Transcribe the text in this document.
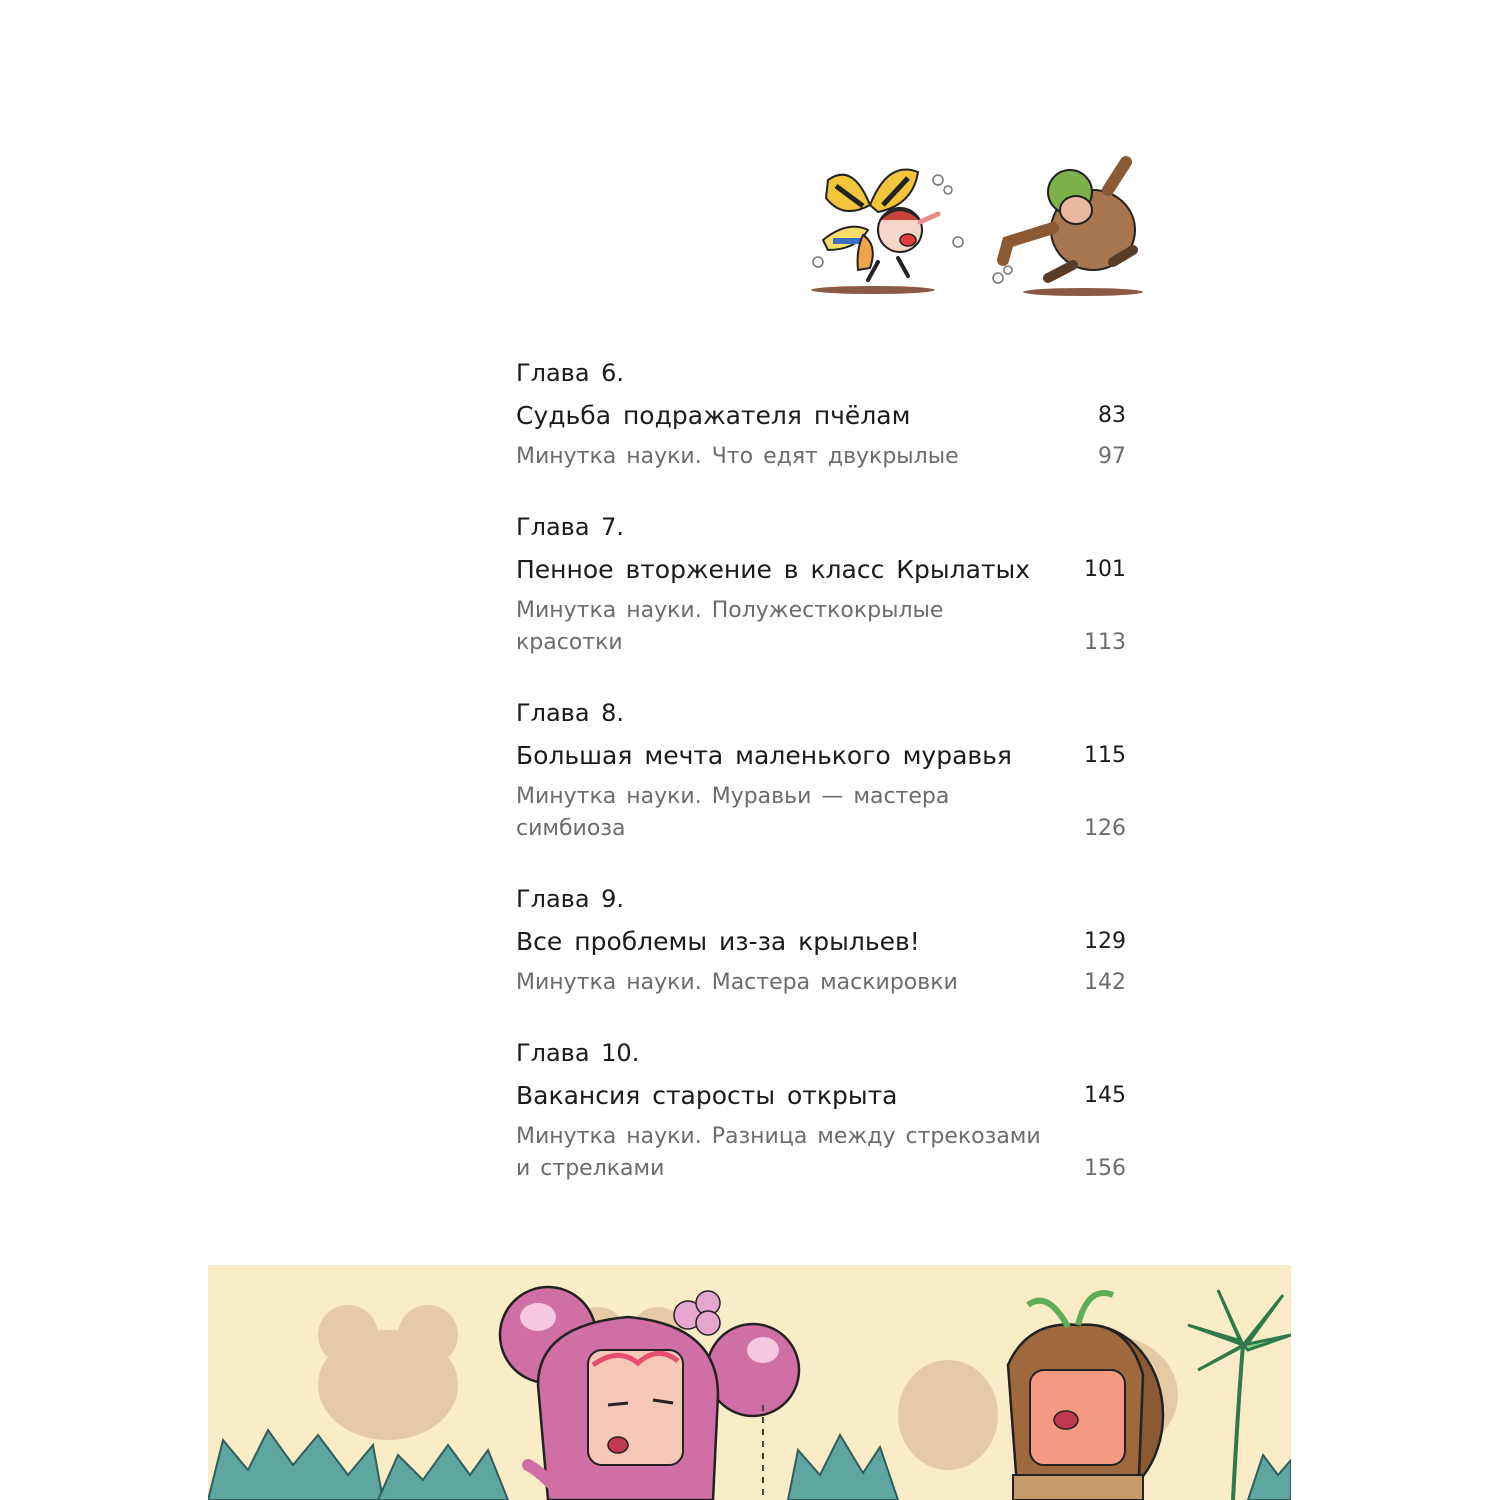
Глава 6.
Судьба подражателя пчёлам	83
Минутка науки. Что едят двукрылые	97
Глава 7.
Пенное вторжение в класс Крылатых	101
Минутка науки. Полужесткокрылые красотки	113
Глава 8.
Большая мечта маленького муравья	115
Минутка науки. Муравьи — мастера симбиоза	126
Глава 9.
Все проблемы из-за крыльев!	129
Минутка науки. Мастера маскировки	142
Глава 10.
Вакансия старосты открыта	145
Минутка науки. Разница между стрекозами и стрелками	156
